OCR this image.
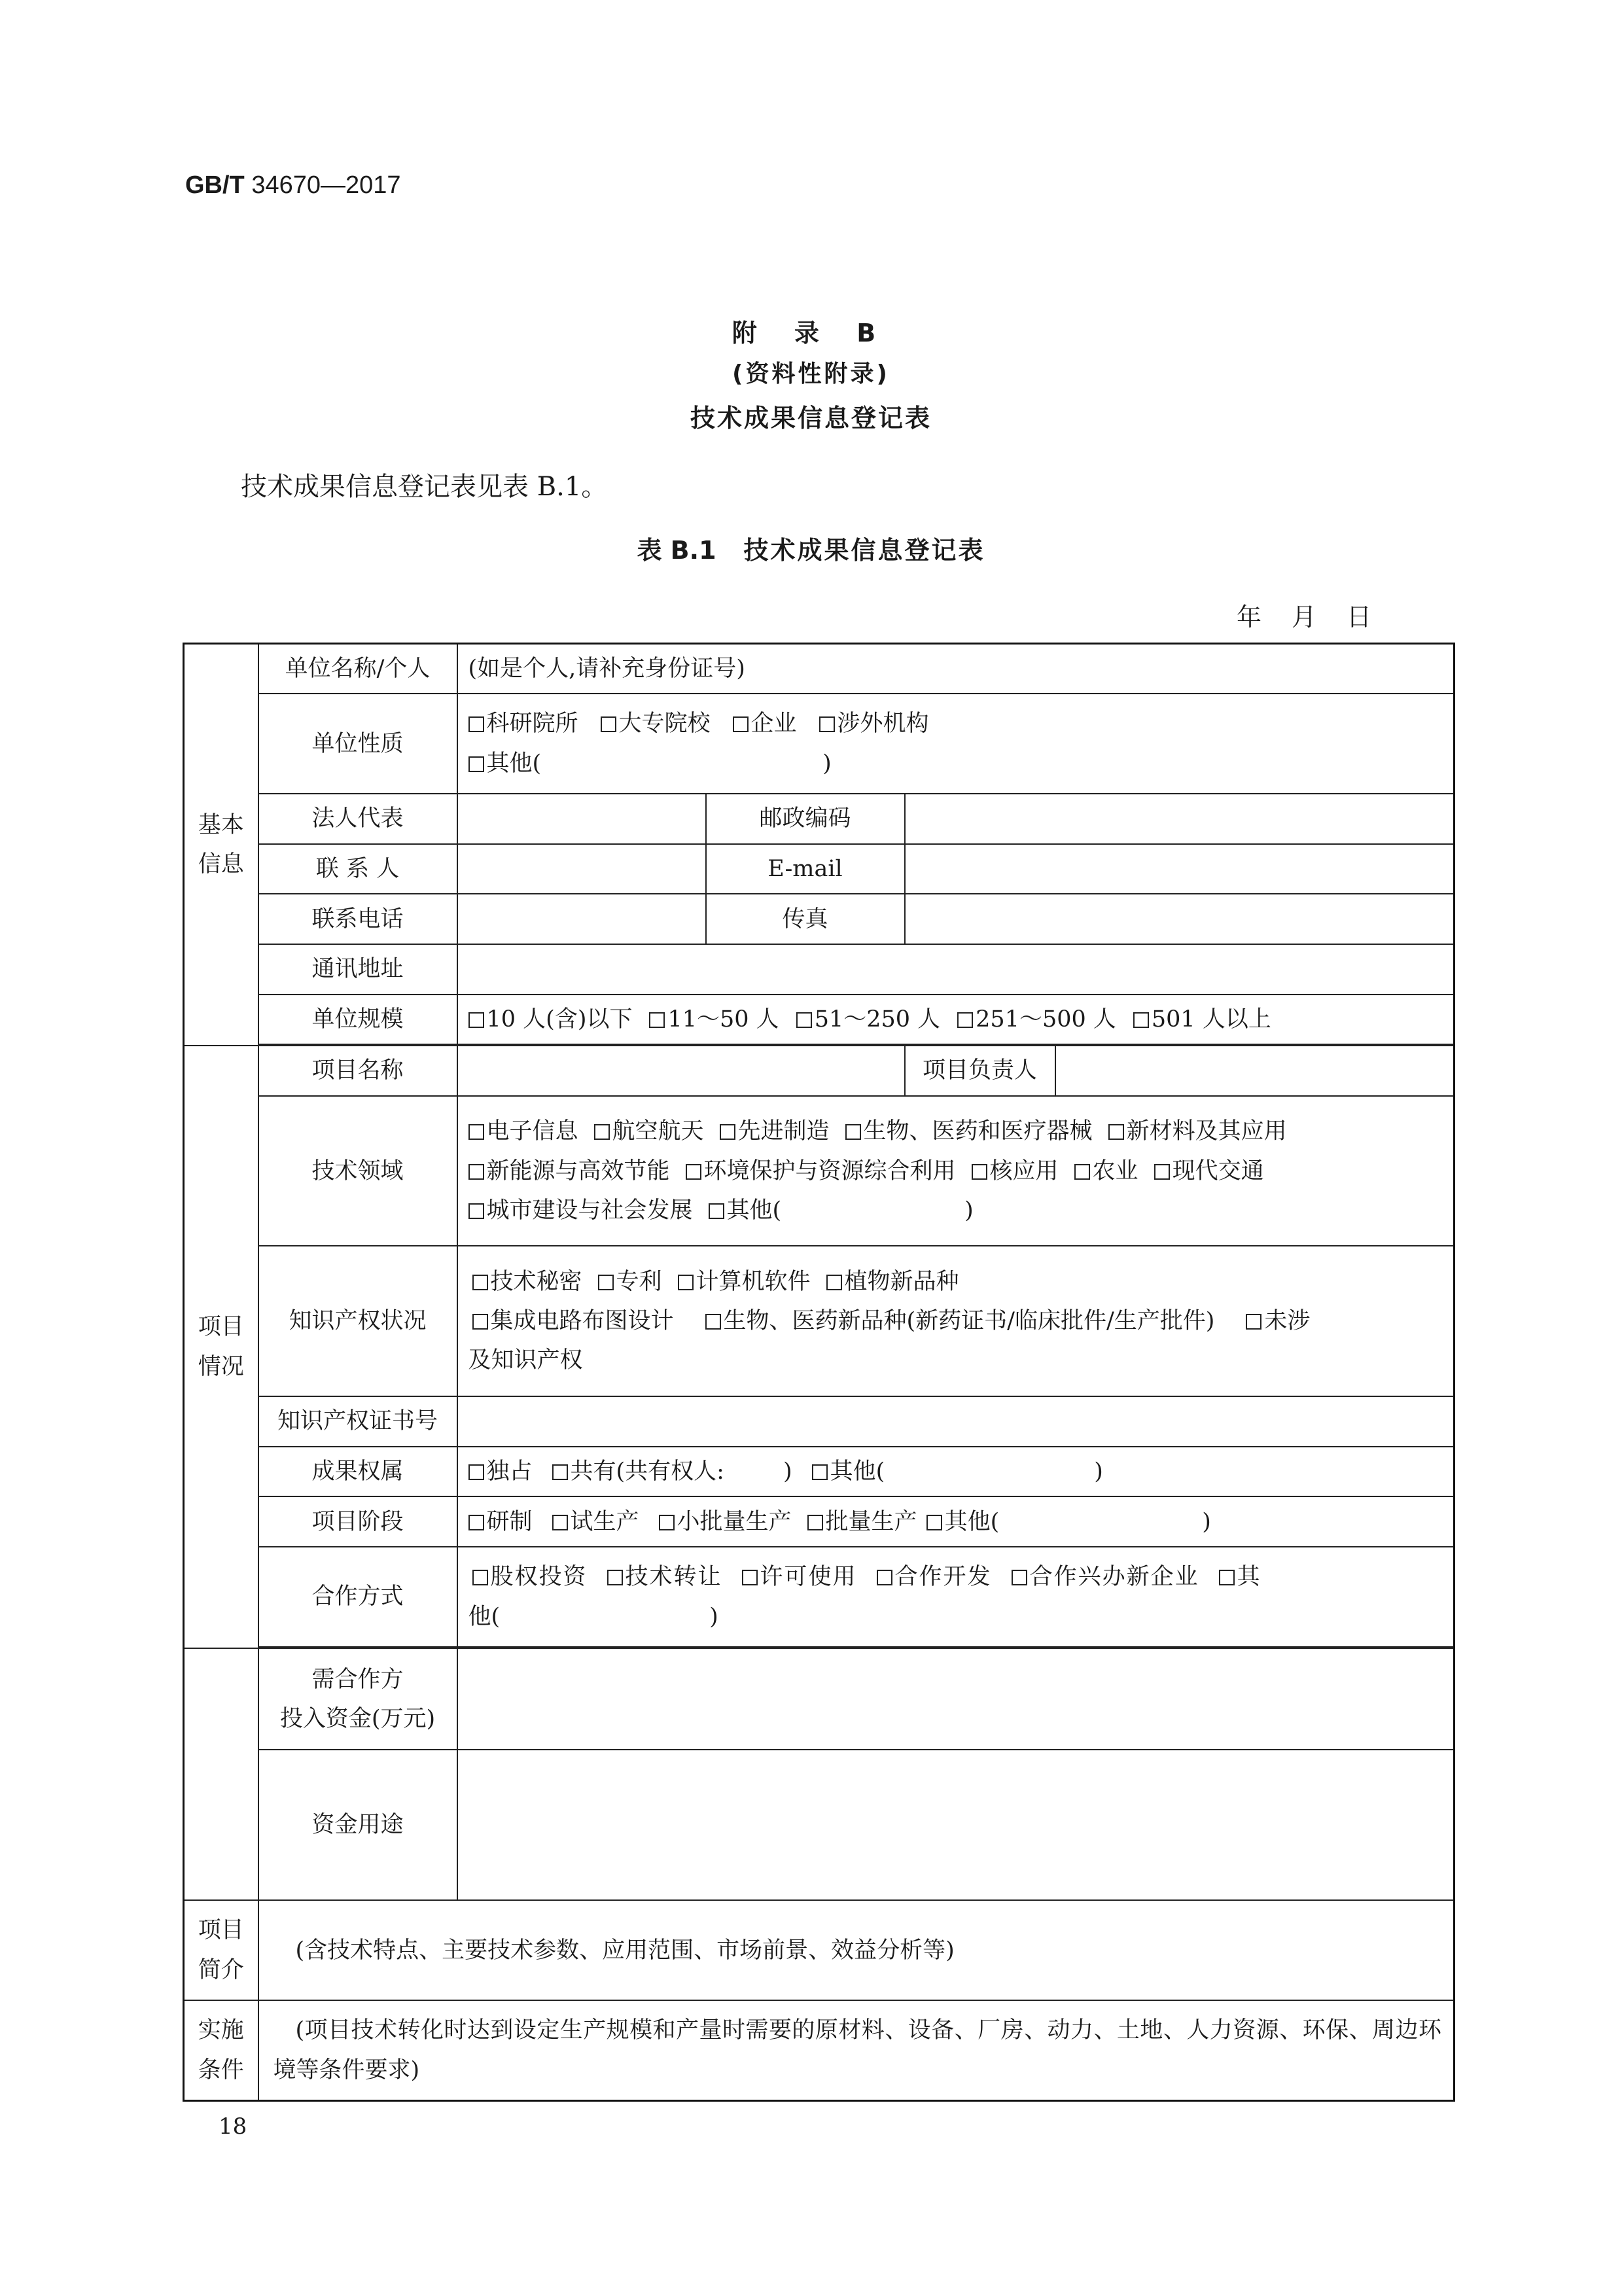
GB/T 34670—2017
附 录 B
(资料性附录)
技术成果信息登记表
技术成果信息登记表见表 B.1。
表 B.1 技术成果信息登记表
年 月 日
基本信息	单位名称/个人	(如是个人,请补充身份证号)			
	单位性质	科研院所 大专院校 企业 涉外机构
其他( )			

	法人代表		邮政编码		
	联 系 人		E-mail		
	联系电话		传真		
	通讯地址				
	单位规模	10 人(含)以下 11～50 人 51～250 人 251～500 人 501 人以上			

项目情况	项目名称			项目负责人	
	技术领域	电子信息 航空航天 先进制造 生物、医药和医疗器械 新材料及其应用
新能源与高效节能 环境保护与资源综合利用 核应用 农业 现代交通
城市建设与社会发展 其他( )			

	知识产权状况	技术秘密 专利 计算机软件 植物新品种
集成电路布图设计 生物、医药新品种(新药证书/临床批件/生产批件) 未涉
及知识产权			

	知识产权证书号				
	成果权属	独占 共有(共有权人: ) 其他( )			
	项目阶段	研制 试生产 小批量生产 批量生产 其他( )			
	合作方式	股权投资 技术转让 许可使用 合作开发 合作兴办新企业 其
他( )			

	需合作方
投入资金(万元)				

	资金用途				
项目简介	(含技术特点、主要技术参数、应用范围、市场前景、效益分析等)				
实施条件	(项目技术转化时达到设定生产规模和产量时需要的原材料、设备、厂房、动力、土地、人力资源、环保、周边环境等条件要求)				
18
